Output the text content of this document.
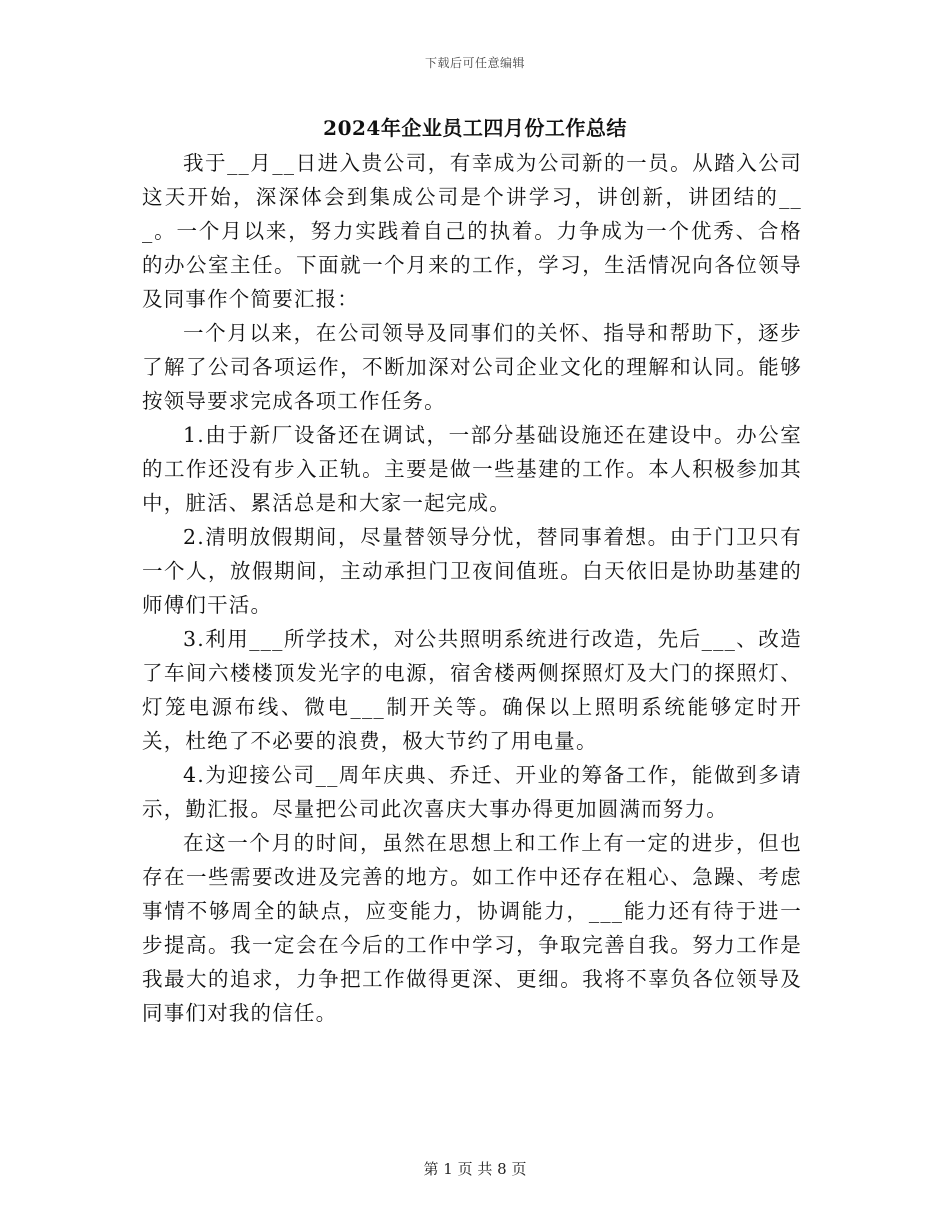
下载后可任意编辑
2024年企业员工四月份工作总结

我于__月__日进入贵公司，有幸成为公司新的一员。从踏入公司这天开始，深深体会到集成公司是个讲学习，讲创新，讲团结的___。一个月以来，努力实践着自己的执着。力争成为一个优秀、合格的办公室主任。下面就一个月来的工作，学习，生活情况向各位领导及同事作个简要汇报：

一个月以来，在公司领导及同事们的关怀、指导和帮助下，逐步了解了公司各项运作，不断加深对公司企业文化的理解和认同。能够按领导要求完成各项工作任务。

1.由于新厂设备还在调试，一部分基础设施还在建设中。办公室的工作还没有步入正轨。主要是做一些基建的工作。本人积极参加其中，脏活、累活总是和大家一起完成。

2.清明放假期间，尽量替领导分忧，替同事着想。由于门卫只有一个人，放假期间，主动承担门卫夜间值班。白天依旧是协助基建的师傅们干活。

3.利用___所学技术，对公共照明系统进行改造，先后___、改造了车间六楼楼顶发光字的电源，宿舍楼两侧探照灯及大门的探照灯、灯笼电源布线、微电___制开关等。确保以上照明系统能够定时开关，杜绝了不必要的浪费，极大节约了用电量。

4.为迎接公司__周年庆典、乔迁、开业的筹备工作，能做到多请示，勤汇报。尽量把公司此次喜庆大事办得更加圆满而努力。

在这一个月的时间，虽然在思想上和工作上有一定的进步，但也存在一些需要改进及完善的地方。如工作中还存在粗心、急躁、考虑事情不够周全的缺点，应变能力，协调能力，___能力还有待于进一步提高。我一定会在今后的工作中学习，争取完善自我。努力工作是我最大的追求，力争把工作做得更深、更细。我将不辜负各位领导及同事们对我的信任。

第 1 页 共 8 页
